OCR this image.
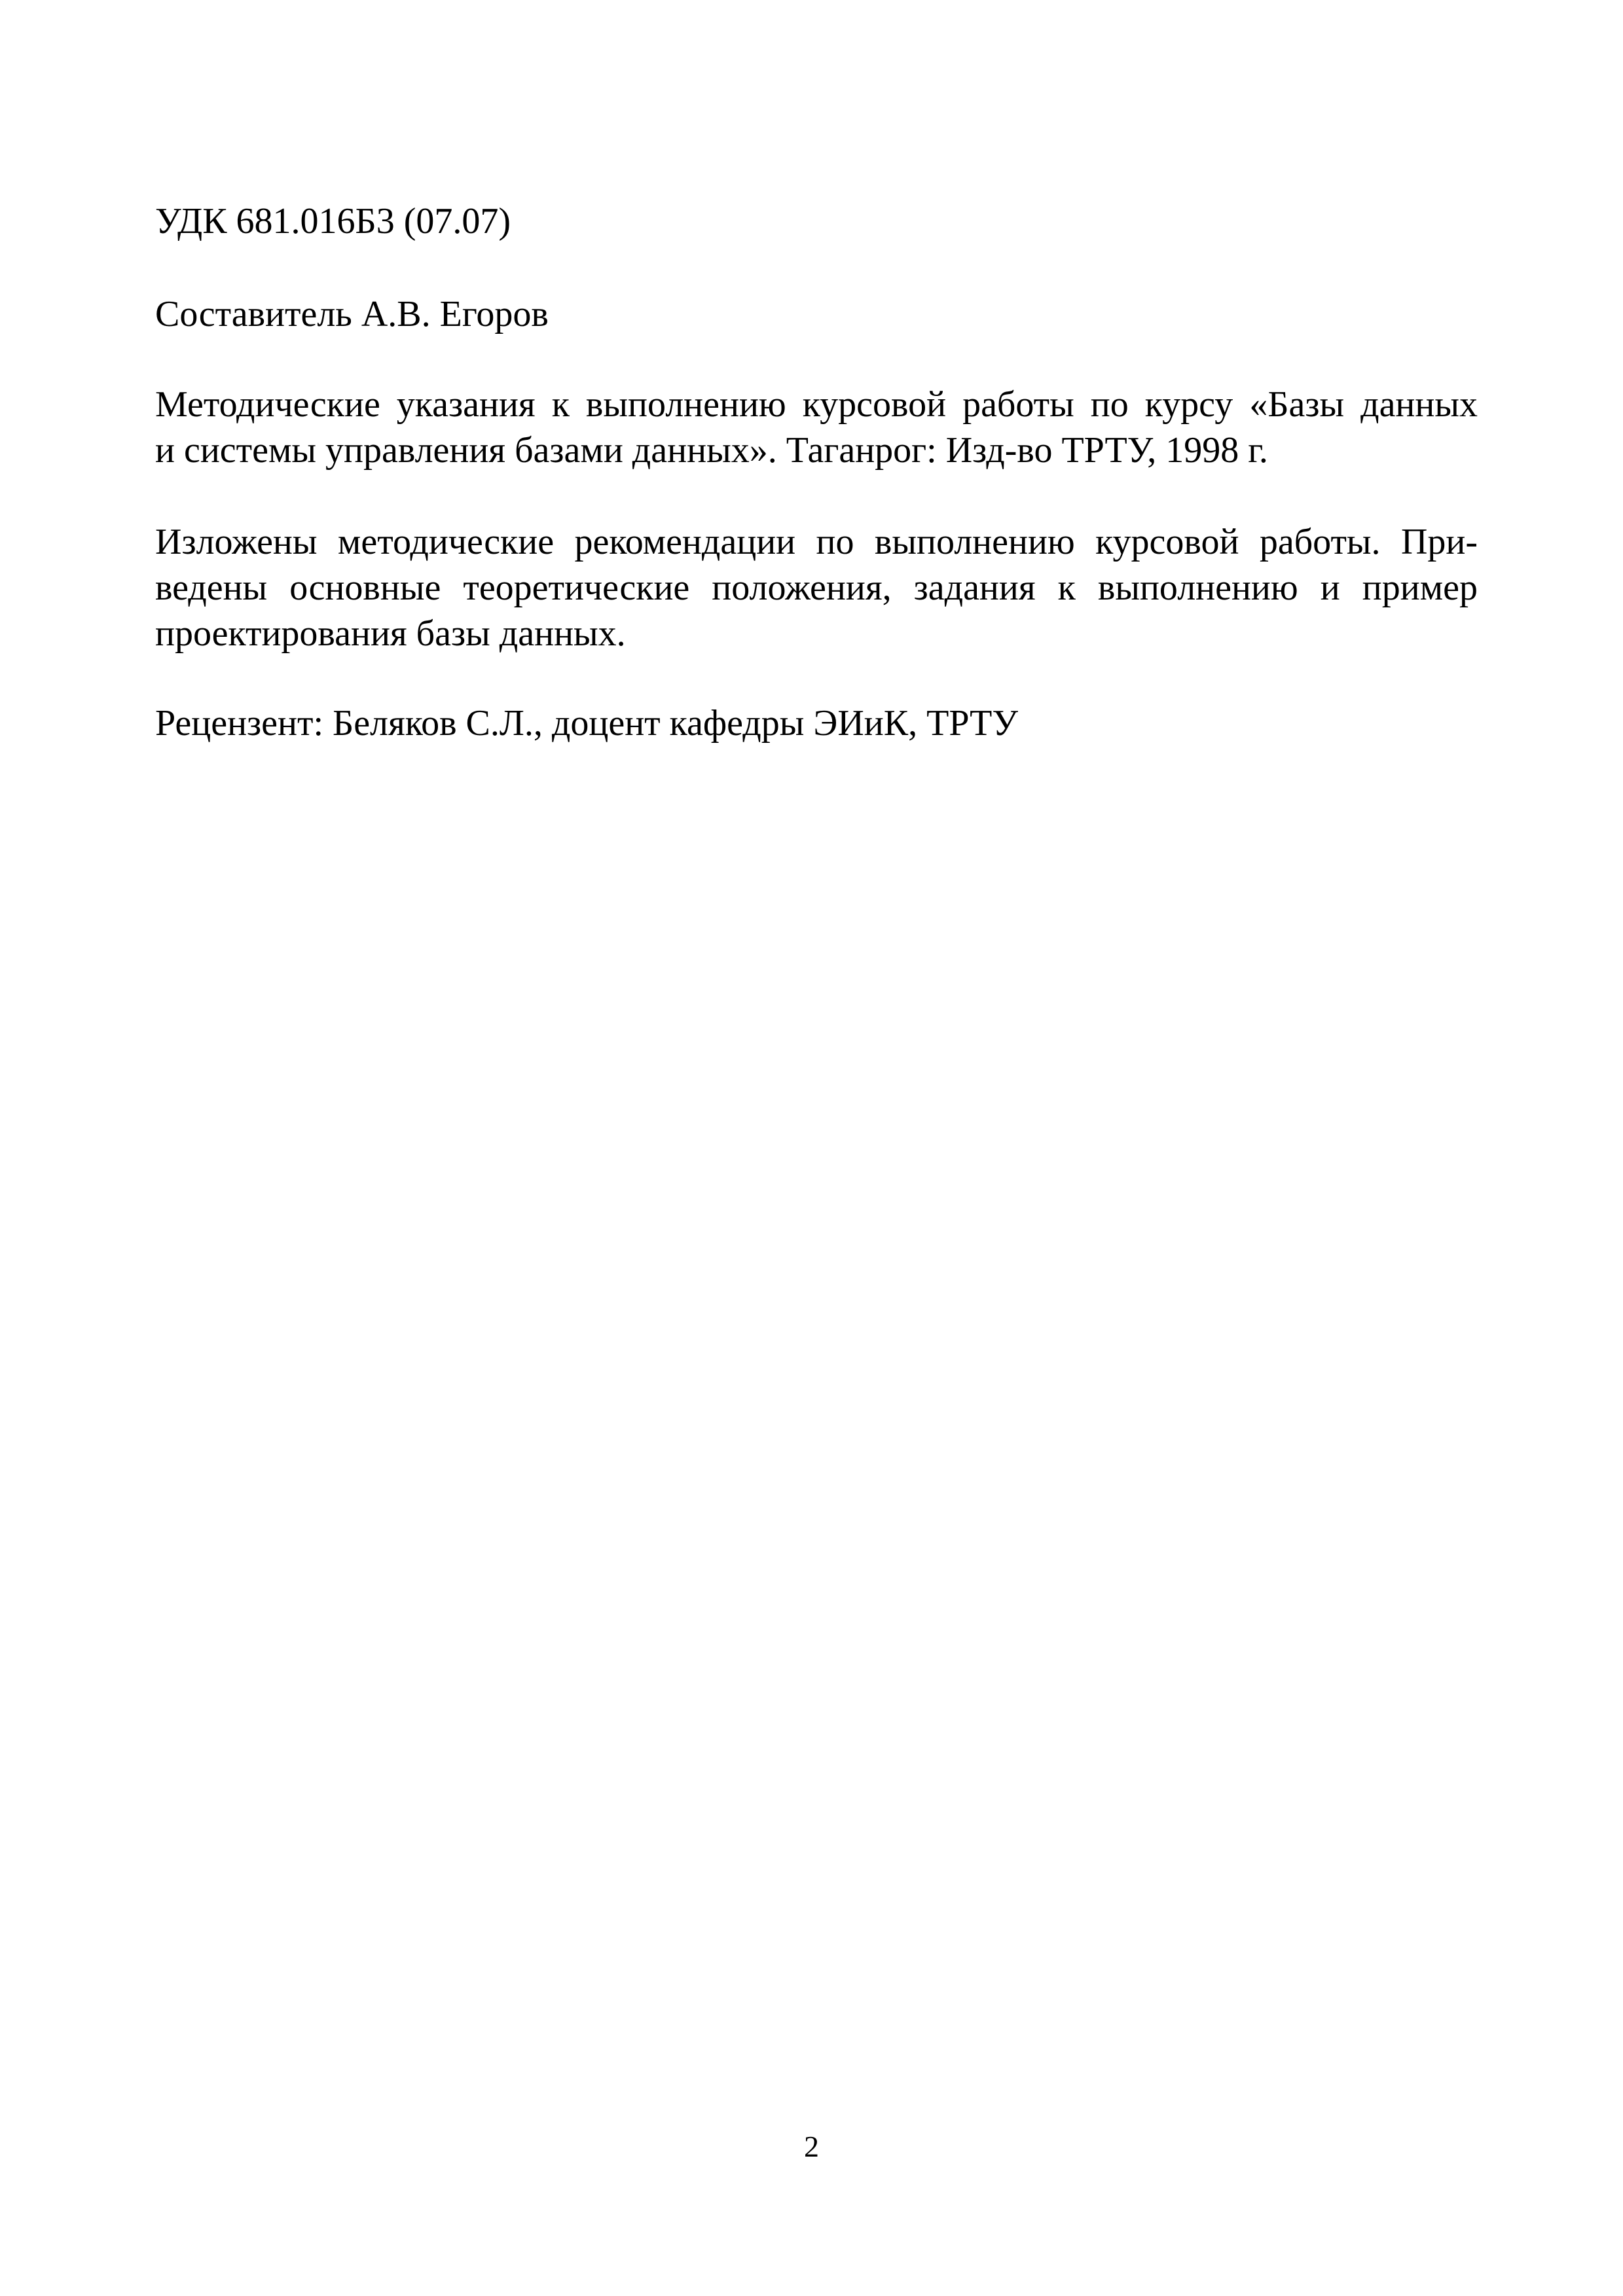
УДК 681.016Б3 (07.07)

Составитель А.В. Егоров

Методические указания к выполнению курсовой работы по курсу «Базы данных
и системы управления базами данных». Таганрог: Изд-во ТРТУ, 1998 г.
Изложены методические рекомендации по выполнению курсовой работы. При-
ведены основные теоретические положения, задания к выполнению и пример
проектирования базы данных.

Рецензент: Беляков С.Л., доцент кафедры ЭИиК, ТРТУ

2
